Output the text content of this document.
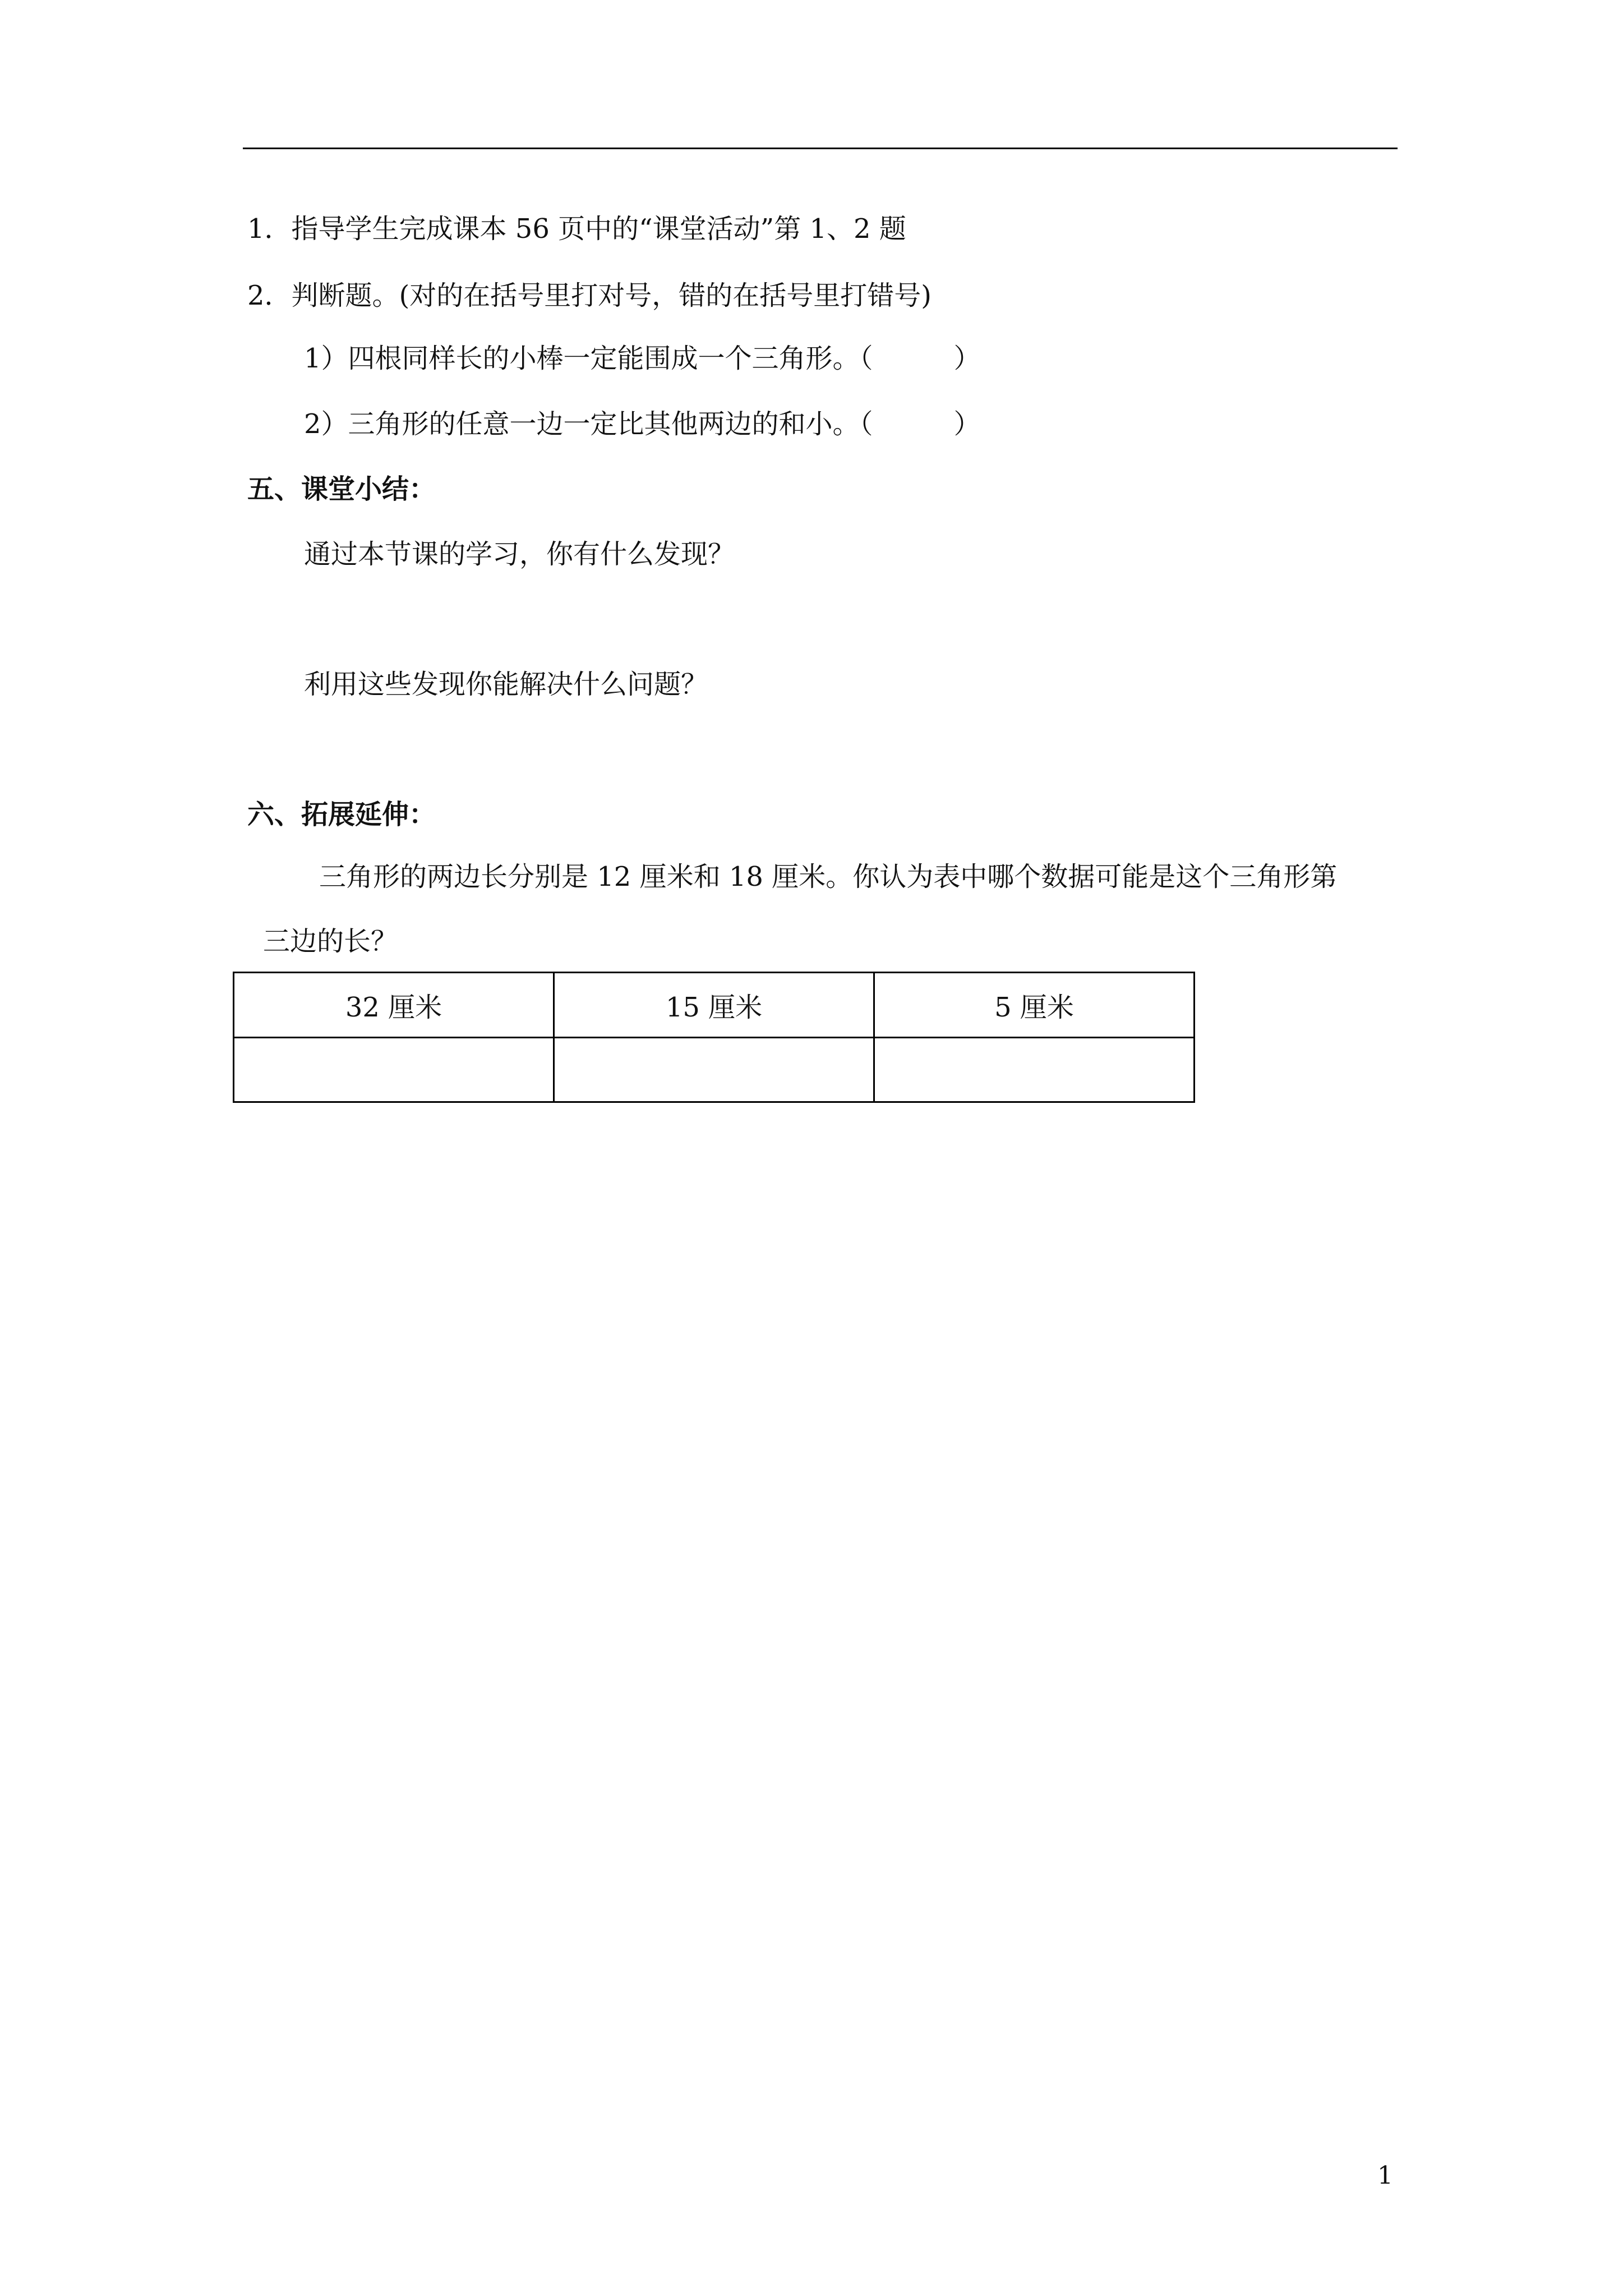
1．指导学生完成课本 56 页中的“课堂活动”第 1、2 题
2．判断题。(对的在括号里打对号，错的在括号里打错号)
1）四根同样长的小棒一定能围成一个三角形。（　　　）
2）三角形的任意一边一定比其他两边的和小。（　　　）
五、课堂小结：
通过本节课的学习，你有什么发现？
利用这些发现你能解决什么问题？
六、拓展延伸：
三角形的两边长分别是 12 厘米和 18 厘米。你认为表中哪个数据可能是这个三角形第
三边的长？
32 厘米	15 厘米	5 厘米

1
